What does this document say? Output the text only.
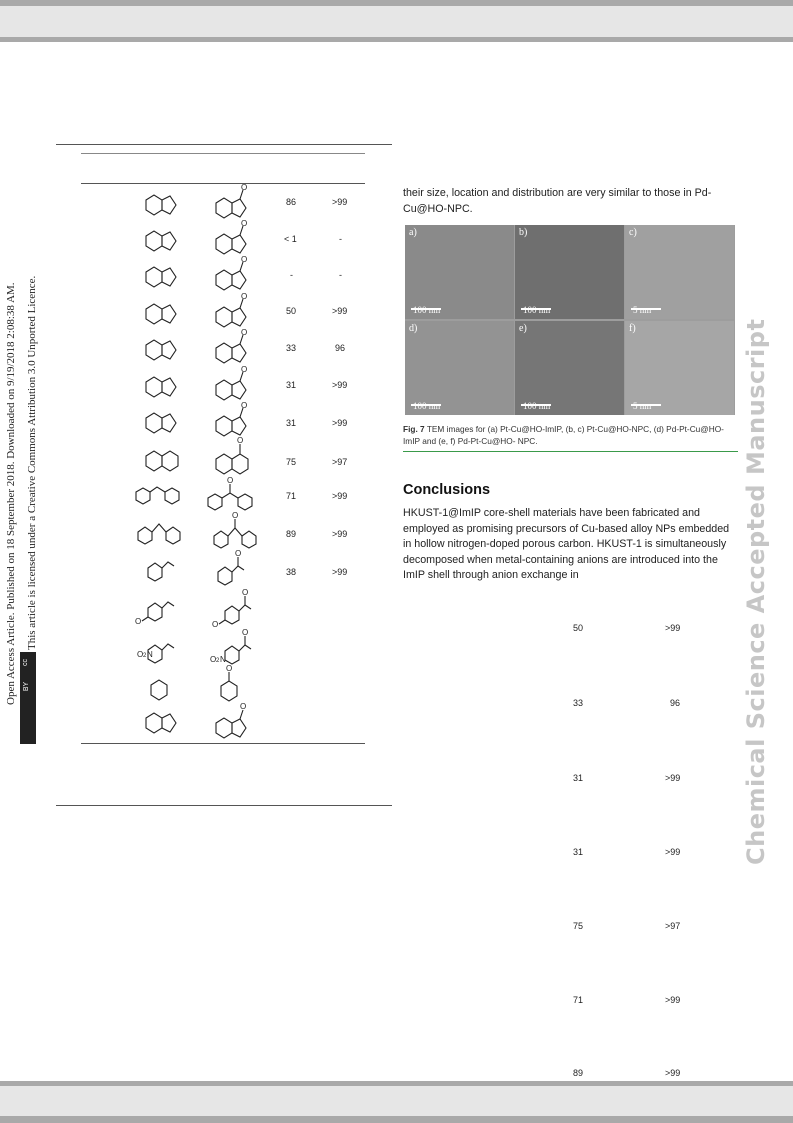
Open Access Article. Published on 18 September 2018. Downloaded on 9/19/2018 2:08:38 AM. This article is licensed under a Creative Commons Attribution 3.0 Unported Licence.
cc
BY	Chemical Science Accepted Manuscript
O
O
O
O
O
O
O
O
O
O
O
O	O
O
O
O
O
O 2 N
O 2 N
86	>99
< 1	-
-	-
50	>99
33	96
31	>99
31	>99
75	>97
71	>99
89	>99
38	>99
their size, location and distribution are very similar to those in Pd-Cu@HO-NPC.
a)
100 nm
b)
100 nm
c)
5 nm
d)
100 nm
e)
100 nm
f)
5 nm
Fig. 7 TEM images for (a) Pt-Cu@HO-ImIP, (b, c) Pt-Cu@HO-NPC, (d) Pd-Pt-Cu@HO-ImIP and (e, f) Pd-Pt-Cu@HO- NPC.
Conclusions
HKUST-1@ImIP core-shell materials have been fabricated and employed as promising precursors of Cu-based alloy NPs embedded in hollow nitrogen-doped porous carbon. HKUST-1 is simultaneously decomposed when metal-containing anions are introduced into the ImIP shell through anion exchange in
50	>99
33	96
31	>99
31	>99
75	>97
71	>99
89	>99
